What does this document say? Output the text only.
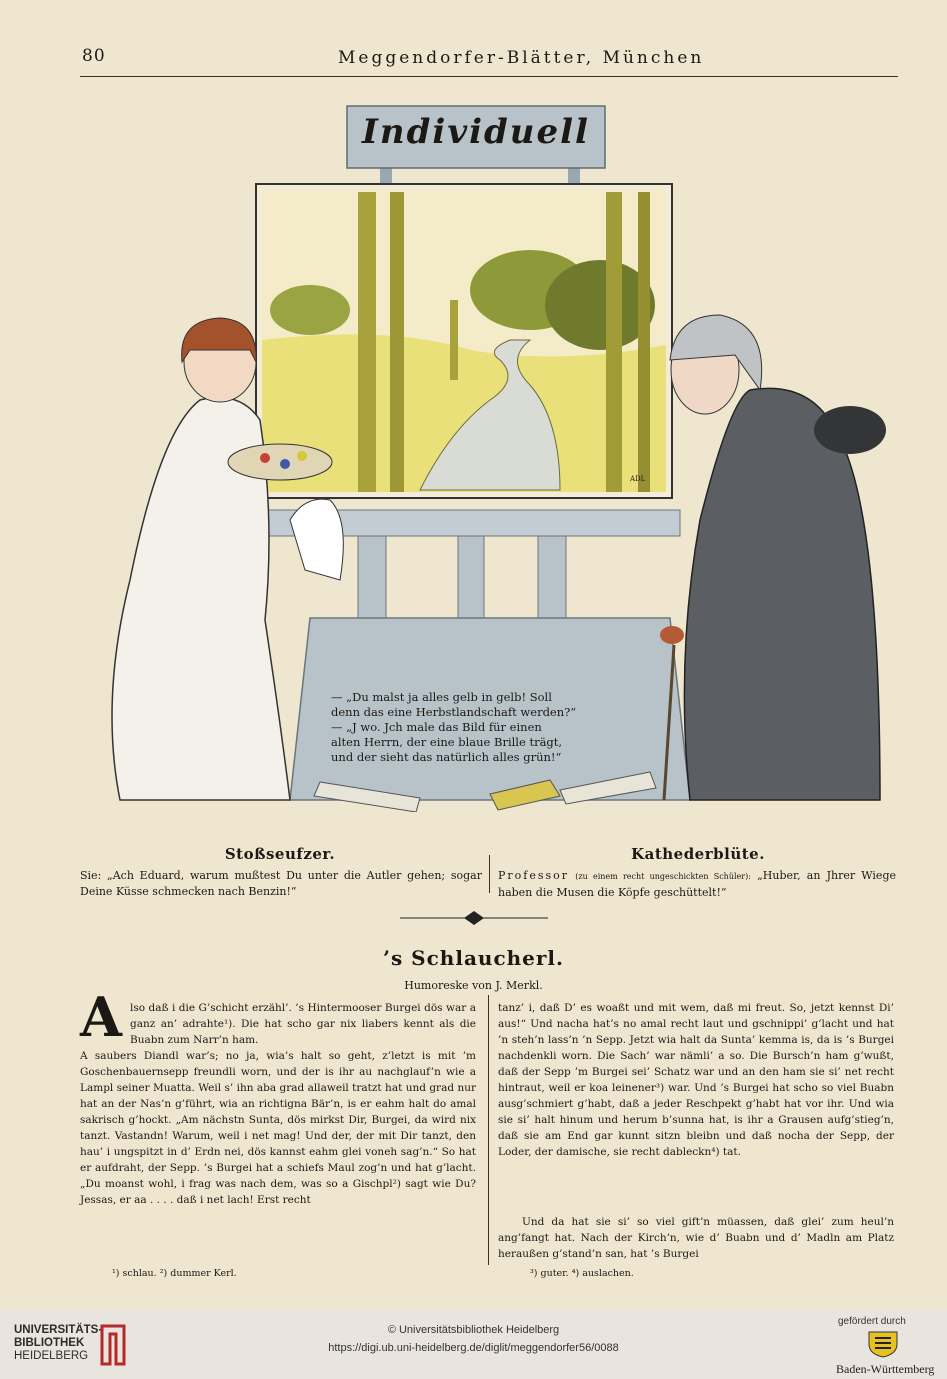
80	Meggendorfer-Blätter, München
Individuell
ADL
— „Du malst ja alles gelb in gelb! Soll
denn das eine Herbstlandschaft werden?“
— „J wo. Jch male das Bild für einen
alten Herrn, der eine blaue Brille trägt,
und der sieht das natürlich alles grün!“
Stoßseufzer.
Sie: „Ach Eduard, warum mußtest Du unter die Autler gehen; sogar Deine Küsse schmecken nach Benzin!“
Kathederblüte.
Professor (zu einem recht ungeschickten Schüler): „Huber, an Jhrer Wiege haben die Musen die Köpfe geschüttelt!“
’s Schlaucherl.
Humoreske von J. Merkl.
A lso daß i die G’schicht erzähl’. ’s Hintermooser Burgei dös war a ganz an’ adrahte¹). Die hat scho gar nix liabers kennt als die Buabn zum Narr’n ham.
A saubers Diandl war’s; no ja, wia’s halt so geht, z’letzt is mit ’m Goschenbauernsepp freundli worn, und der is ihr au nachglauf’n wie a Lampl seiner Muatta. Weil s’ ihn aba grad allaweil tratzt hat und grad nur hat an der Nas’n g’führt, wia an richtigna Bär’n, is er eahm halt do amal sakrisch g’hockt. „Am nächstn Sunta, dös mirkst Dir, Burgei, da wird nix tanzt. Vastandn! Warum, weil i net mag! Und der, der mit Dir tanzt, den hau’ i ungspitzt in d’ Erdn nei, dös kannst eahm glei voneh sag’n.“ So hat er aufdraht, der Sepp. ’s Burgei hat a schiefs Maul zog’n und hat g’lacht. „Du moanst wohl, i frag was nach dem, was so a Gischpl²) sagt wie Du? Jessas, er aa . . . . daß i net lach! Erst recht
¹) schlau. ²) dummer Kerl.
tanz’ i, daß D’ es woaßt und mit wem, daß mi freut. So, jetzt kennst Di’ aus!“ Und nacha hat’s no amal recht laut und gschnippi’ g’lacht und hat ’n steh’n lass’n ’n Sepp. Jetzt wia halt da Sunta’ kemma is, da is ’s Burgei nachdenkli worn. Die Sach’ war nämli’ a so. Die Bursch’n ham g’wußt, daß der Sepp ’m Burgei sei’ Schatz war und an den ham sie si’ net recht hintraut, weil er koa leinener³) war. Und ’s Burgei hat scho so viel Buabn ausg’schmiert g’habt, daß a jeder Reschpekt g’habt hat vor ihr. Und wia sie si’ halt hinum und herum b’sunna hat, is ihr a Grausen aufg’stieg’n, daß sie am End gar kunnt sitzn bleibn und daß nocha der Sepp, der Loder, der damische, sie recht dableckn⁴) tat.
Und da hat sie si’ so viel gift’n müassen, daß glei’ zum heul’n ang’fangt hat. Nach der Kirch’n, wie d’ Buabn und d’ Madln am Platz heraußen g’stand’n san, hat ’s Burgei
³) guter. ⁴) auslachen.
UNIVERSITÄTS-
BIBLIOTHEK
HEIDELBERG
© Universitätsbibliothek Heidelberg
https://digi.ub.uni-heidelberg.de/diglit/meggendorfer56/0088
gefördert durch
Baden-Württemberg
